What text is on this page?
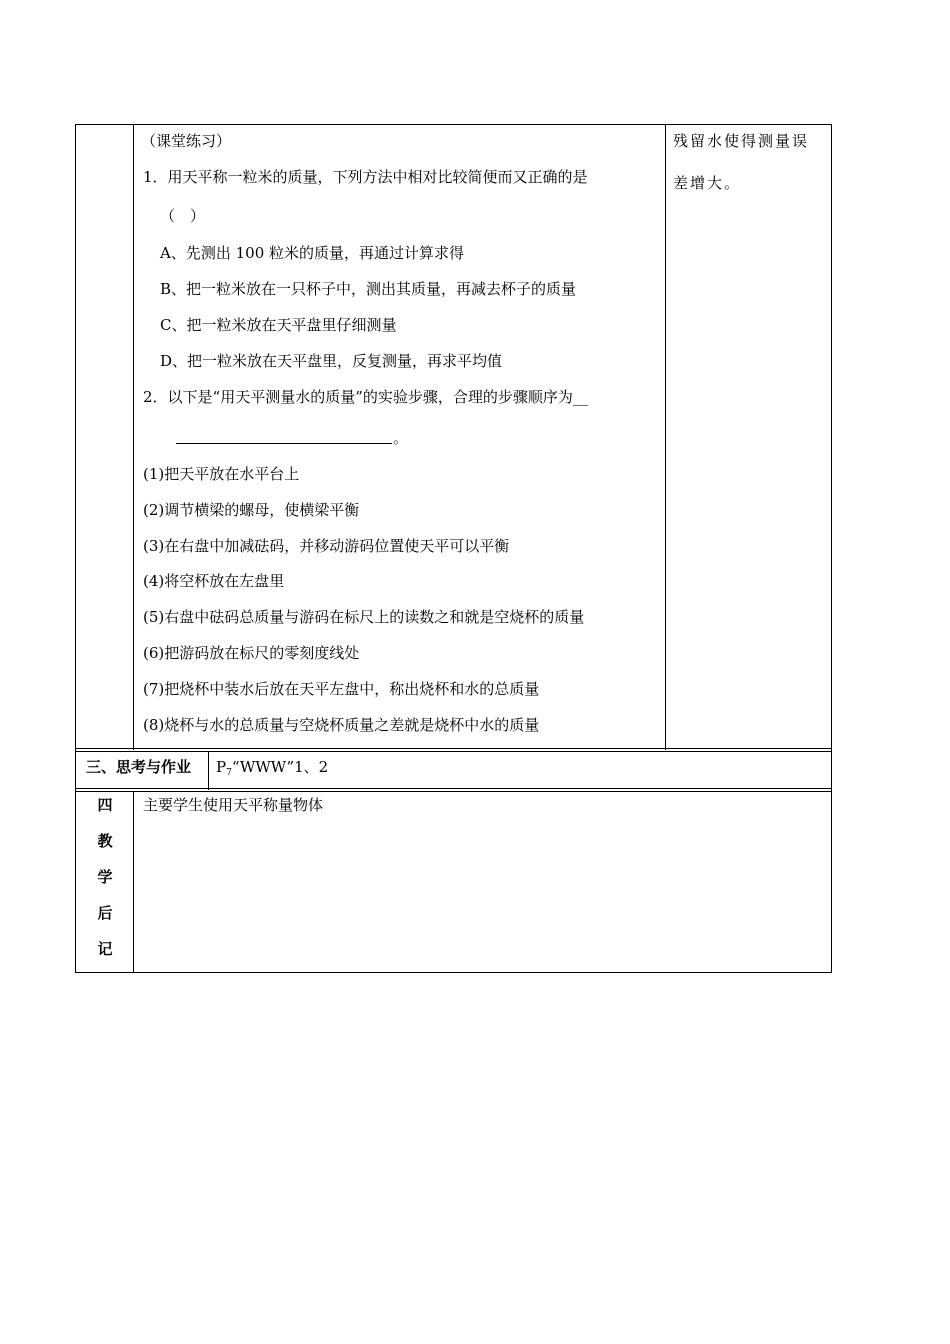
（课堂练习）
1．用天平称一粒米的质量，下列方法中相对比较简便而又正确的是
（　）
A、先测出 100 粒米的质量，再通过计算求得
B、把一粒米放在一只杯子中，测出其质量，再减去杯子的质量
C、把一粒米放在天平盘里仔细测量
D、把一粒米放在天平盘里，反复测量，再求平均值
2．以下是“用天平测量水的质量”的实验步骤，合理的步骤顺序为__
。
(1)把天平放在水平台上
(2)调节横梁的螺母，使横梁平衡
(3)在右盘中加减砝码，并移动游码位置使天平可以平衡
(4)将空杯放在左盘里
(5)右盘中砝码总质量与游码在标尺上的读数之和就是空烧杯的质量
(6)把游码放在标尺的零刻度线处
(7)把烧杯中装水后放在天平左盘中，称出烧杯和水的总质量
(8)烧杯与水的总质量与空烧杯质量之差就是烧杯中水的质量
残留水使得测量误
差增大。
三、思考与作业 $P_7“WWW”1$、2
四
教
学
后
记
主要学生使用天平称量物体
